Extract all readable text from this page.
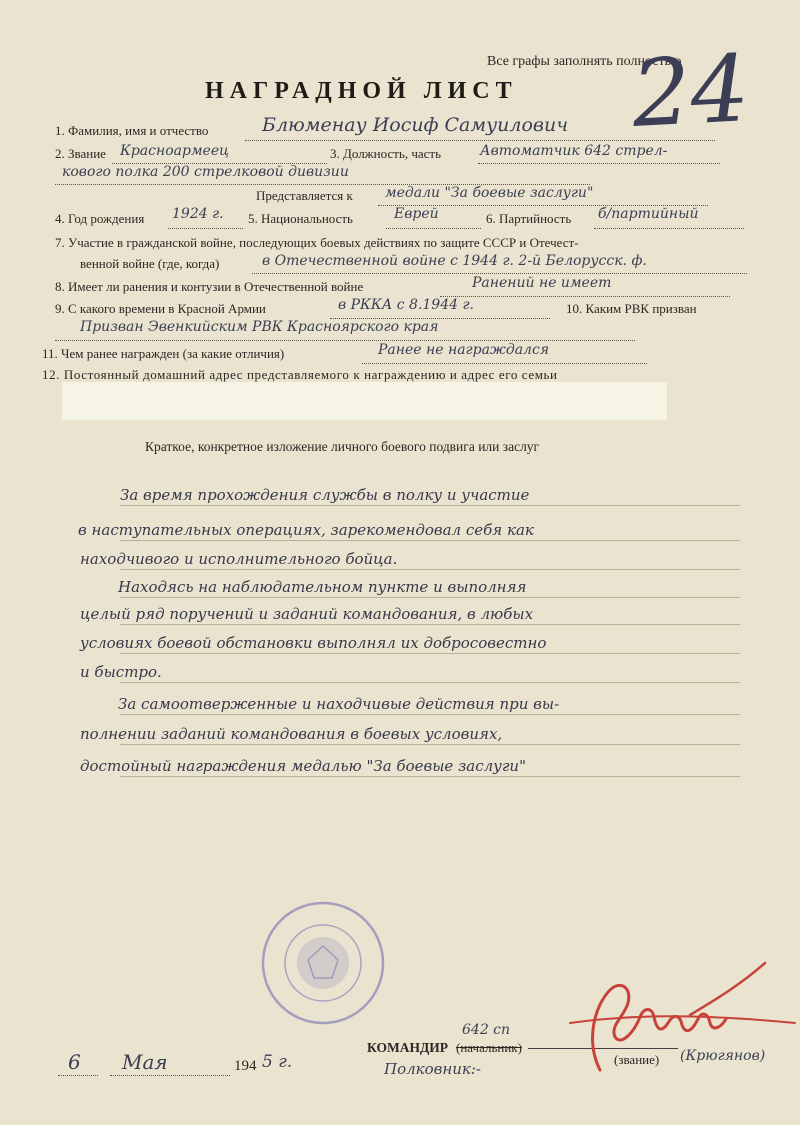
Все графы заполнять полностью
24
НАГРАДНОЙ ЛИСТ
1. Фамилия, имя и отчество	Блюменау Иосиф Самуилович
2. Звание Красноармеец	3. Должность, часть	Автоматчик 642 стрел-
кового полка 200 стрелковой дивизии
Представляется к медали "За боевые заслуги"
4. Год рождения 1924 г. 5. Национальность	Еврей	6. Партийность б/партийный
7. Участие в гражданской войне, последующих боевых действиях по защите СССР и Отечест-
венной войне (где, когда)	в Отечественной войне с 1944 г. 2-й Белорусск. ф.
8. Имеет ли ранения и контузии в Отечественной войне	Ранений не имеет
9. С какого времени в Красной Армии	в РККА с 8.1944 г.	10. Каким РВК призван
Призван Эвенкийским РВК Красноярского края
11. Чем ранее награжден (за какие отличия)	Ранее не награждался
12. Постоянный домашний адрес представляемого к награждению и адрес его семьи
Краткое, конкретное изложение личного боевого подвига или заслуг
За время прохождения службы в полку и участие
в наступательных операциях, зарекомендовал себя как
находчивого и исполнительного бойца.
Находясь на наблюдательном пункте и выполняя
целый ряд поручений и заданий командования, в любых
условиях боевой обстановки выполнял их добросовестно
и быстро.
За самоотверженные и находчивые действия при вы-
полнении заданий командования в боевых условиях,
достойный награждения медалью "За боевые заслуги"
6 Мая	194 5 г.
642 сп
КОМАНДИР (начальник)
(звание)
Полковник:-
(Крюгянов)
